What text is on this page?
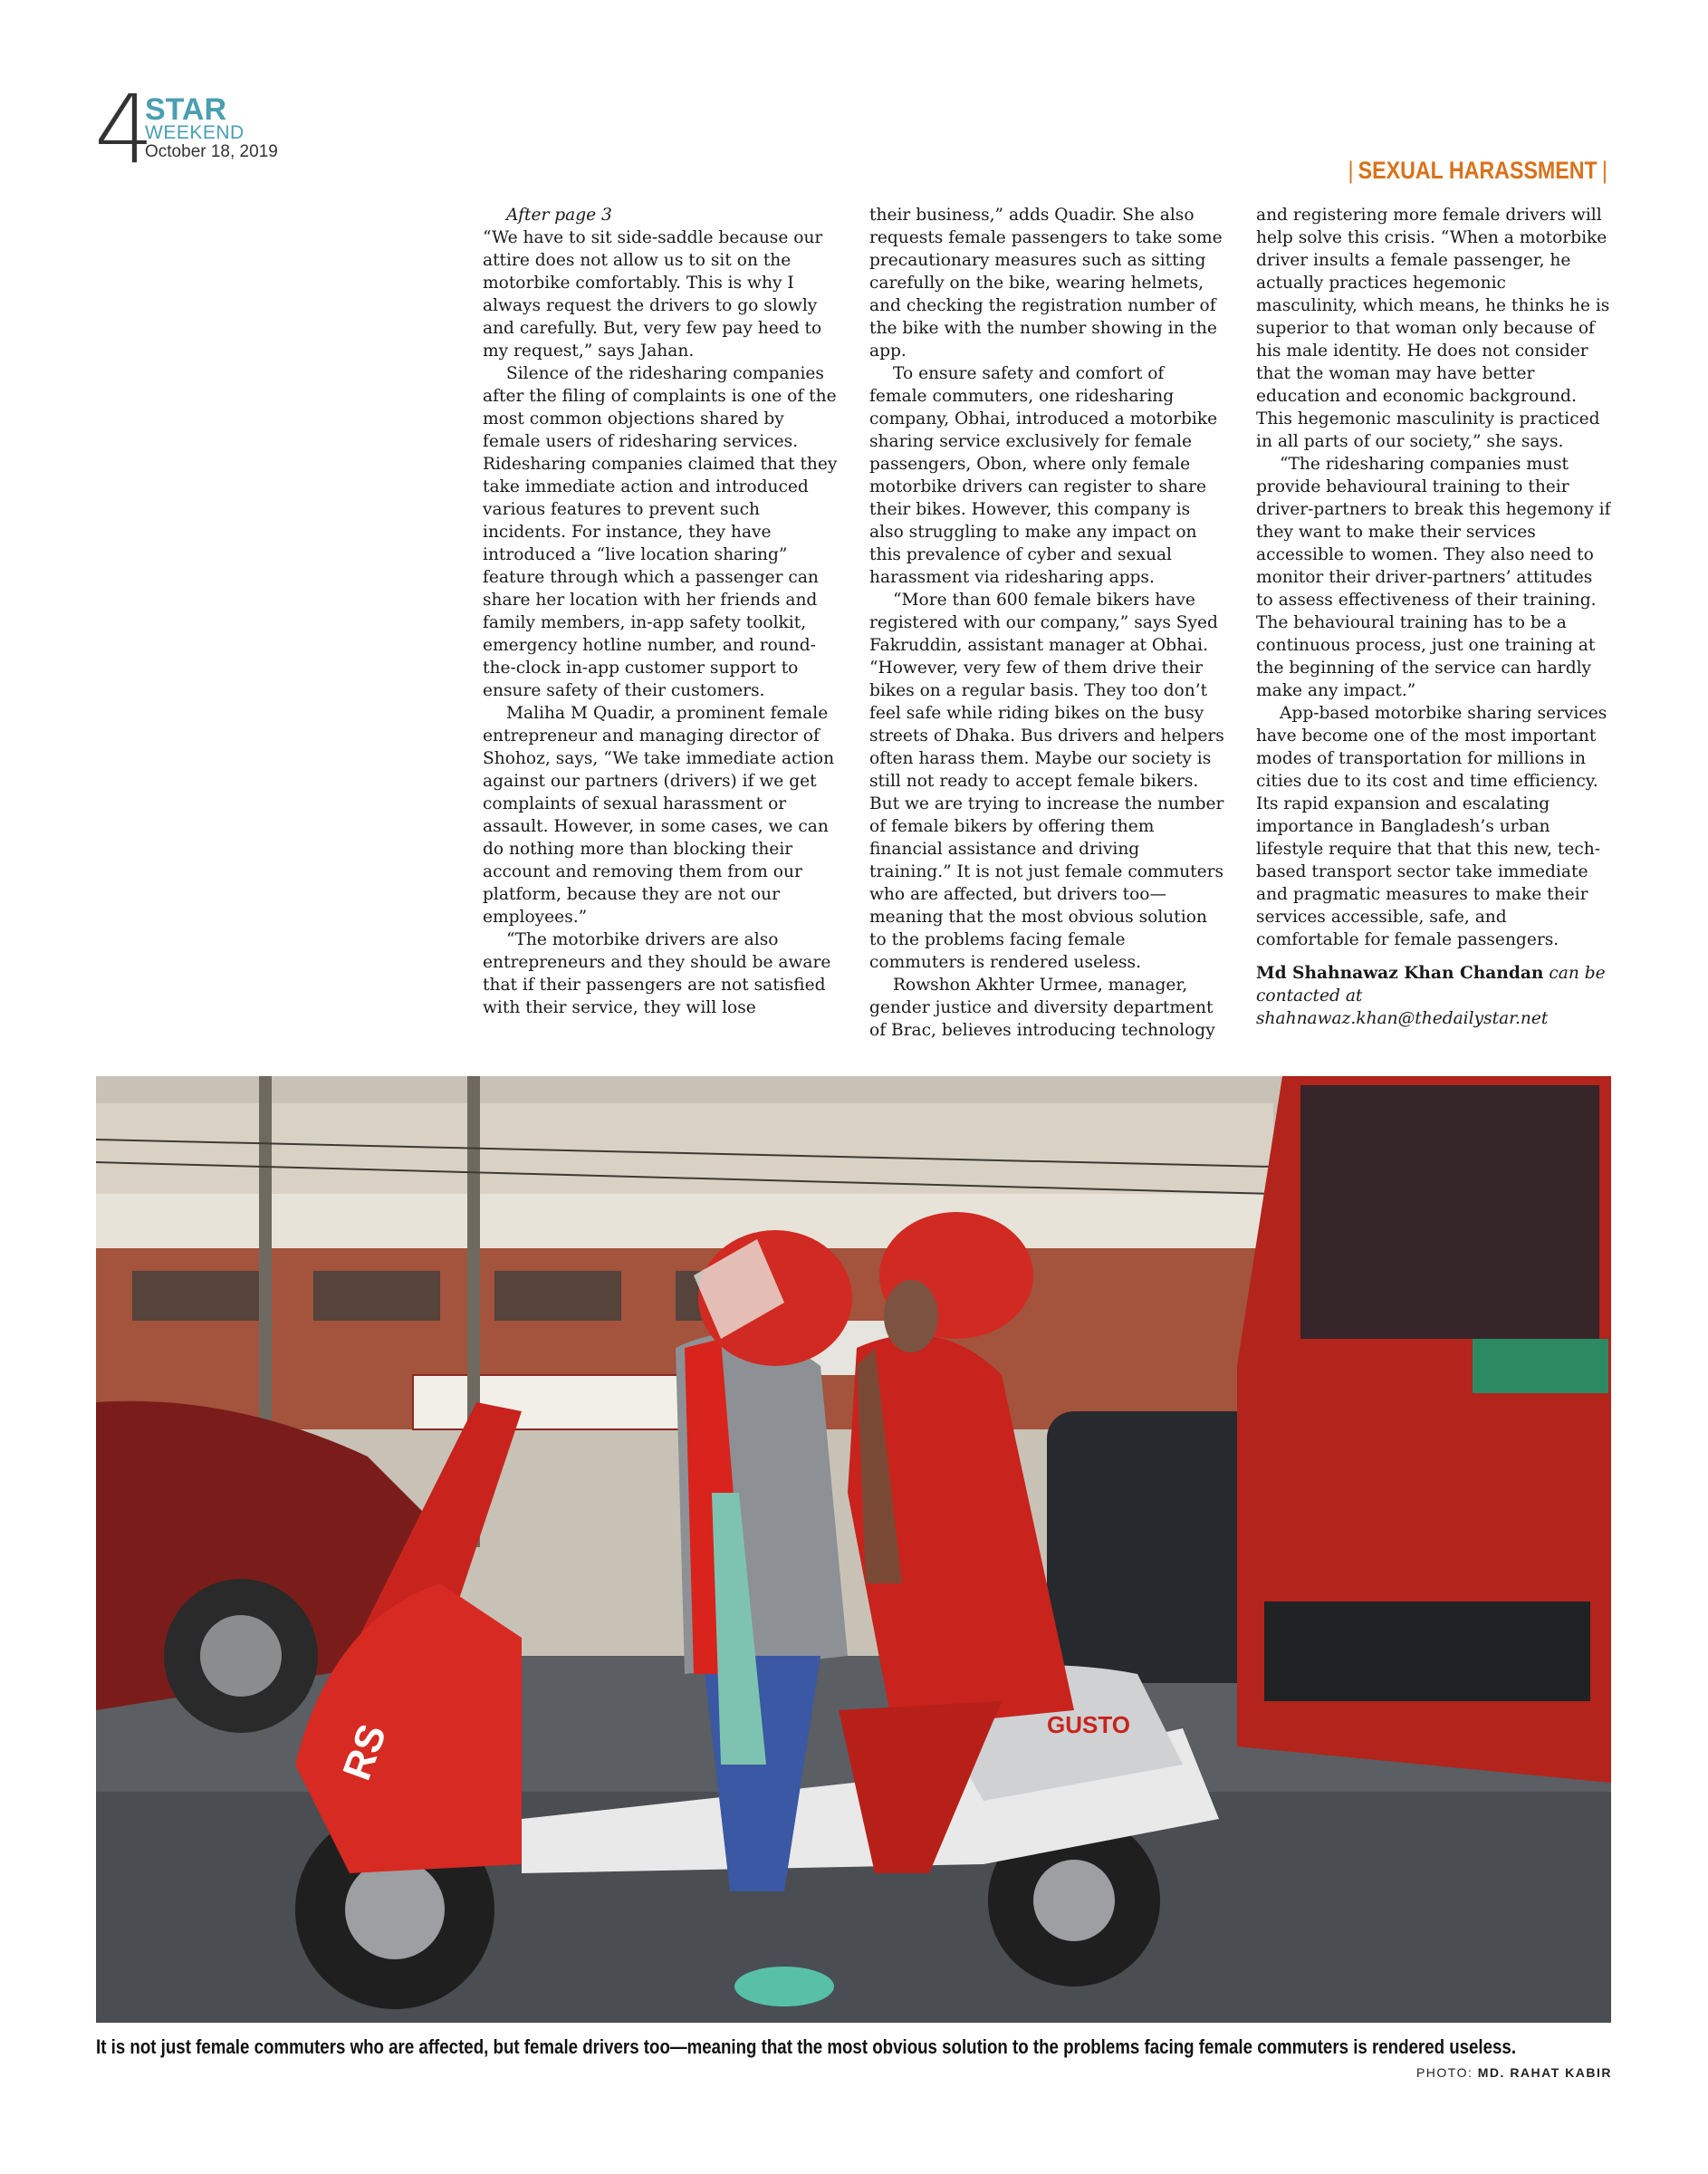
4
STAR
WEEKEND
October 18, 2019
| SEXUAL HARASSMENT |

After page 3

“We have to sit side-saddle because our attire does not allow us to sit on the motorbike comfortably. This is why I always request the drivers to go slowly and carefully. But, very few pay heed to my request,” says Jahan.

Silence of the ridesharing companies after the filing of complaints is one of the most common objections shared by female users of ridesharing services. Ridesharing companies claimed that they take immediate action and introduced various features to prevent such incidents. For instance, they have introduced a “live location sharing” feature through which a passenger can share her location with her friends and family members, in-app safety toolkit, emergency hotline number, and round-the-clock in-app customer support to ensure safety of their customers.

Maliha M Quadir, a prominent female entrepreneur and managing director of Shohoz, says, “We take immediate action against our partners (drivers) if we get complaints of sexual harassment or assault. However, in some cases, we can do nothing more than blocking their account and removing them from our platform, because they are not our employees.”

“The motorbike drivers are also entrepreneurs and they should be aware that if their passengers are not satisfied with their service, they will lose

their business,” adds Quadir. She also requests female passengers to take some precautionary measures such as sitting carefully on the bike, wearing helmets, and checking the registration number of the bike with the number showing in the app.

To ensure safety and comfort of female commuters, one ridesharing company, Obhai, introduced a motorbike sharing service exclusively for female passengers, Obon, where only female motorbike drivers can register to share their bikes. However, this company is also struggling to make any impact on this prevalence of cyber and sexual harassment via ridesharing apps.

“More than 600 female bikers have registered with our company,” says Syed Fakruddin, assistant manager at Obhai. “However, very few of them drive their bikes on a regular basis. They too don’t feel safe while riding bikes on the busy streets of Dhaka. Bus drivers and helpers often harass them. Maybe our society is still not ready to accept female bikers. But we are trying to increase the number of female bikers by offering them financial assistance and driving training.” It is not just female commuters who are affected, but drivers too—meaning that the most obvious solution to the problems facing female commuters is rendered useless.

Rowshon Akhter Urmee, manager, gender justice and diversity department of Brac, believes introducing technology

and registering more female drivers will help solve this crisis. “When a motorbike driver insults a female passenger, he actually practices hegemonic masculinity, which means, he thinks he is superior to that woman only because of his male identity. He does not consider that the woman may have better education and economic background. This hegemonic masculinity is practiced in all parts of our society,” she says.

“The ridesharing companies must provide behavioural training to their driver-partners to break this hegemony if they want to make their services accessible to women. They also need to monitor their driver-partners’ attitudes to assess effectiveness of their training. The behavioural training has to be a continuous process, just one training at the beginning of the service can hardly make any impact.”

App-based motorbike sharing services have become one of the most important modes of transportation for millions in cities due to its cost and time efficiency. Its rapid expansion and escalating importance in Bangladesh’s urban lifestyle require that that this new, tech-based transport sector take immediate and pragmatic measures to make their services accessible, safe, and comfortable for female passengers.

Md Shahnawaz Khan Chandan can be contacted at shahnawaz.khan@thedailystar.net

GUSTO
RS
It is not just female commuters who are affected, but female drivers too—meaning that the most obvious solution to the problems facing female commuters is rendered useless.
PHOTO: MD. RAHAT KABIR
